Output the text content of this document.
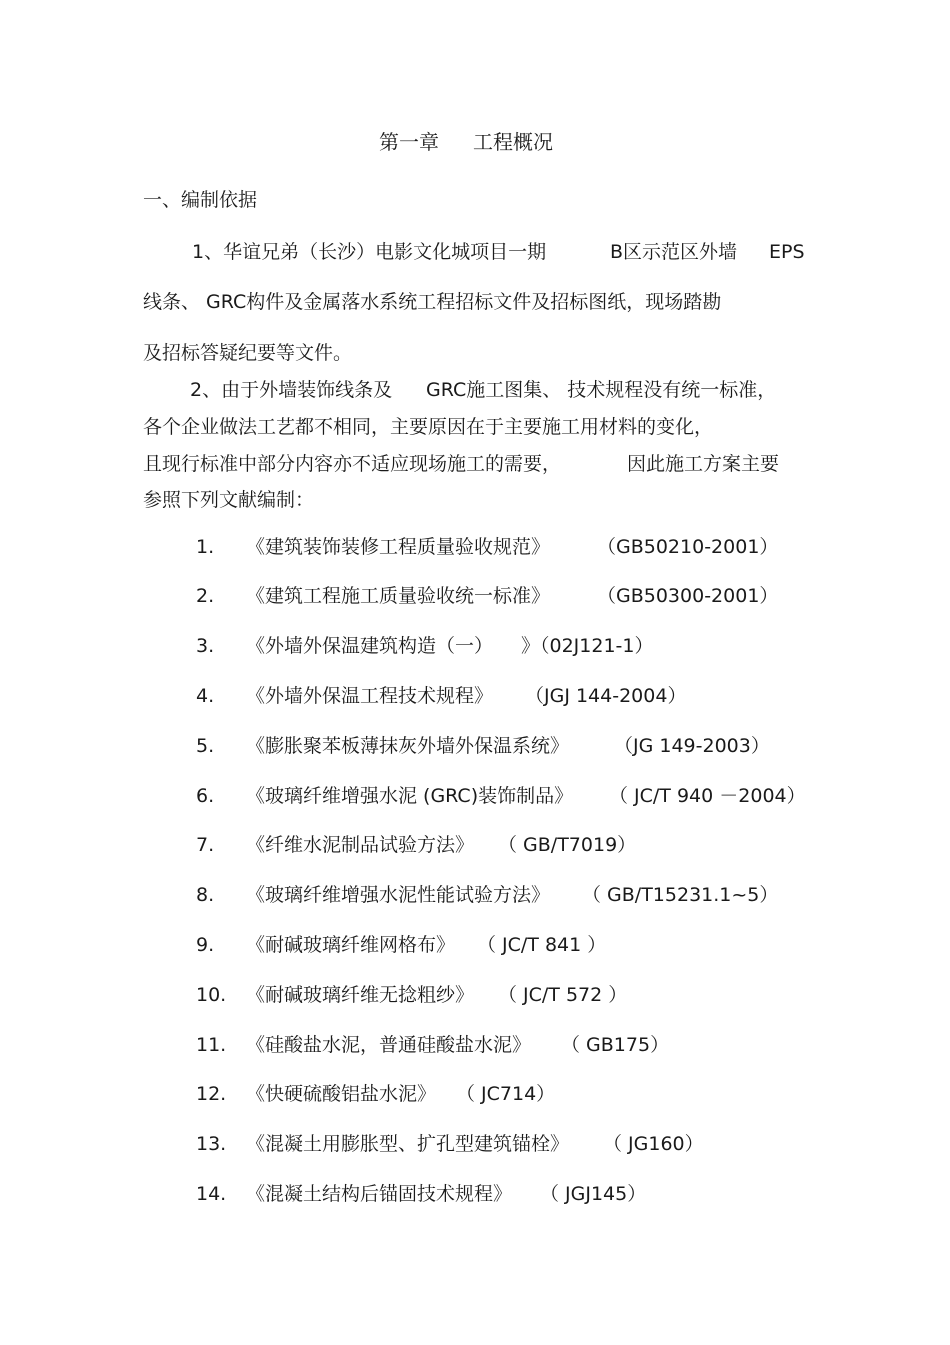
第一章 工程概况
一、编制依据
1、华谊兄弟（长沙）电影文化城项目一期	B区示范区外墙 EPS
线条、 GRC构件及金属落水系统工程招标文件及招标图纸，现场踏勘
及招标答疑纪要等文件。
2、由于外墙装饰线条及 GRC施工图集、 技术规程没有统一标准，
各个企业做法工艺都不相同，主要原因在于主要施工用材料的变化，
且现行标准中部分内容亦不适应现场施工的需要，	因此施工方案主要
参照下列文献编制：
1. 《建筑装饰装修工程质量验收规范》 （GB50210-2001）
2. 《建筑工程施工质量验收统一标准》 （GB50300-2001）
3. 《外墙外保温建筑构造（一） 》（02J121-1）
4. 《外墙外保温工程技术规程》 （JGJ 144-2004）
5. 《膨胀聚苯板薄抹灰外墙外保温系统》 （JG 149-2003）
6. 《玻璃纤维增强水泥 (GRC)装饰制品》 （ JC/T 940 －2004）
7. 《纤维水泥制品试验方法》 （ GB/T7019）
8. 《玻璃纤维增强水泥性能试验方法》 （ GB/T15231.1~5）
9. 《耐碱玻璃纤维网格布》 （ JC/T 841 ）
10. 《耐碱玻璃纤维无捻粗纱》 （ JC/T 572 ）
11. 《硅酸盐水泥，普通硅酸盐水泥》 （ GB175）
12. 《快硬硫酸铝盐水泥》 （ JC714）
13. 《混凝土用膨胀型、扩孔型建筑锚栓》 （ JG160）
14. 《混凝土结构后锚固技术规程》 （ JGJ145）
